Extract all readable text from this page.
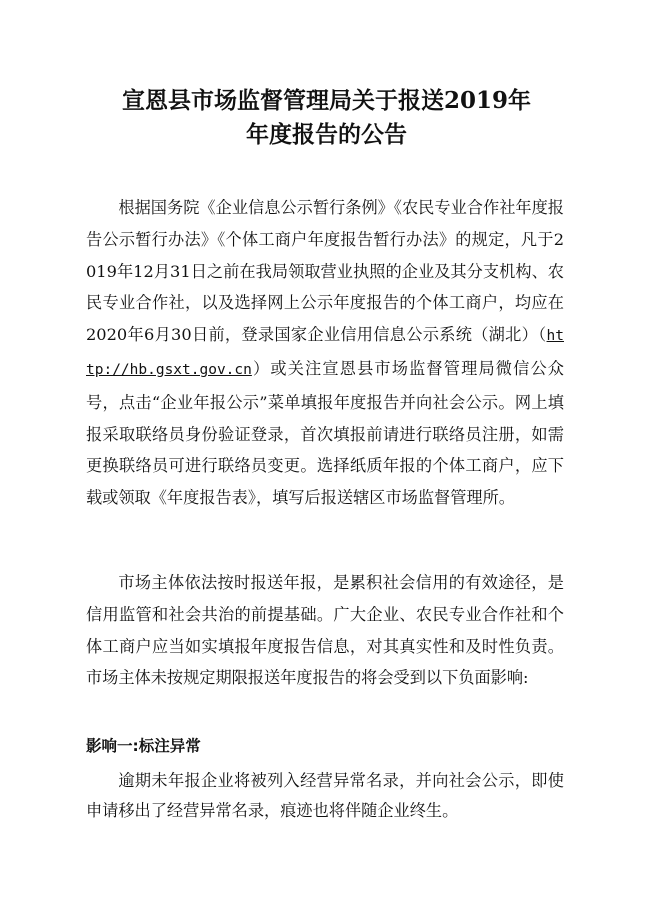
宣恩县市场监督管理局关于报送2019年
年度报告的公告

根据国务院《企业信息公示暂行条例》《农民专业合作社年度报告公示暂行办法》《个体工商户年度报告暂行办法》的规定，凡于2019年12月31日之前在我局领取营业执照的企业及其分支机构、农民专业合作社，以及选择网上公示年度报告的个体工商户，均应在2020年6月30日前，登录国家企业信用信息公示系统（湖北）（http://hb.gsxt.gov.cn）或关注宣恩县市场监督管理局微信公众号，点击“企业年报公示”菜单填报年度报告并向社会公示。网上填报采取联络员身份验证登录，首次填报前请进行联络员注册，如需更换联络员可进行联络员变更。选择纸质年报的个体工商户，应下载或领取《年度报告表》，填写后报送辖区市场监督管理所。

市场主体依法按时报送年报，是累积社会信用的有效途径，是信用监管和社会共治的前提基础。广大企业、农民专业合作社和个体工商户应当如实填报年度报告信息，对其真实性和及时性负责。市场主体未按规定期限报送年度报告的将会受到以下负面影响:

影响一:标注异常

逾期未年报企业将被列入经营异常名录，并向社会公示，即使申请移出了经营异常名录，痕迹也将伴随企业终生。
